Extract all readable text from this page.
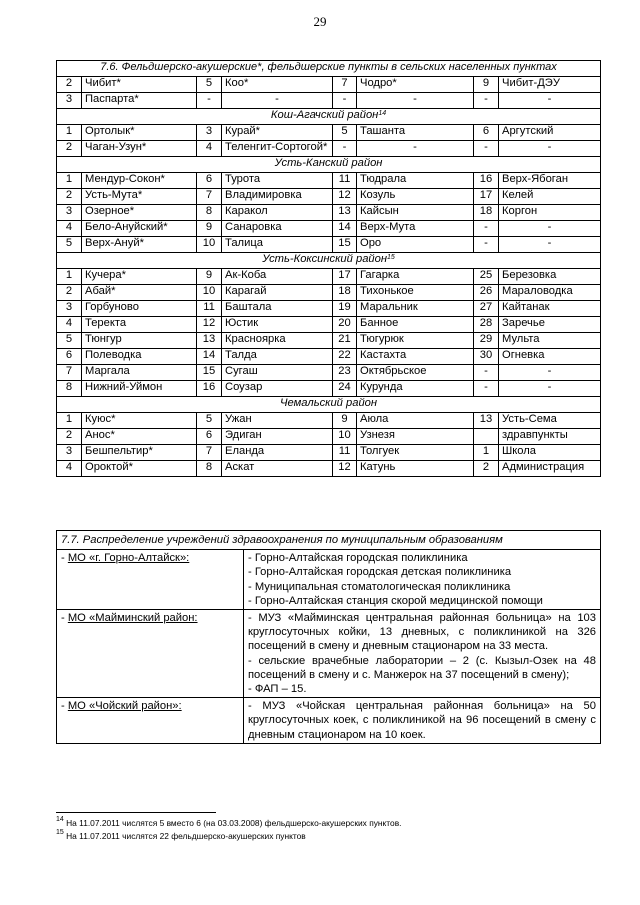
29
7.6. Фельдшерско-акушерские*, фельдшерские пункты в сельских населенных пунктах							
2	Чибит*	5	Коо*	7	Чодро*	9	Чибит-ДЭУ
3	Паспарта*	-	-	-	-	-	-
Кош-Агачский район$^{14}$
1	Ортолык*	3	Курай*	5	Ташанта	6	Аргутский
2	Чаган-Узун*	4	Теленгит-Сортогой*	-	-	-	-
Усть-Канский район							
1	Мендур-Сокон*	6	Турота	11	Тюдрала	16	Верх-Ябоган
2	Усть-Мута*	7	Владимировка	12	Козуль	17	Келей
3	Озерное*	8	Каракол	13	Кайсын	18	Коргон
4	Бело-Ануйский*	9	Санаровка	14	Верх-Мута	-	-
5	Верх-Ануй*	10	Талица	15	Оро	-	-
Усть-Коксинский район$^{15}$
1	Кучера*	9	Ак-Коба	17	Гагарка	25	Березовка
2	Абай*	10	Карагай	18	Тихонькое	26	Мараловодка
3	Горбуново	11	Баштала	19	Маральник	27	Кайтанак
4	Теректа	12	Юстик	20	Банное	28	Заречье
5	Тюнгур	13	Красноярка	21	Тюгурюк	29	Мульта
6	Полеводка	14	Талда	22	Кастахта	30	Огневка
7	Маргала	15	Сугаш	23	Октябрьское	-	-
8	Нижний-Уймон	16	Соузар	24	Курунда	-	-
Чемальский район							
1	Куюс*	5	Ужан	9	Аюла	13	Усть-Сема
2	Анос*	6	Эдиган	10	Узнезя		здравпункты
3	Бешпельтир*	7	Еланда	11	Толгуек	1	Школа
4	Ороктой*	8	Аскат	12	Катунь	2	Администрация
7.7. Распределение учреждений здравоохранения по муниципальным образованиям	
- МО «г. Горно-Алтайск»:	- Горно-Алтайская городская поликлиника
- Горно-Алтайская городская детская поликлиника
- Муниципальная стоматологическая поликлиника
- Горно-Алтайская станция скорой медицинской помощи

- МО «Майминский район:	- МУЗ «Майминская центральная районная больница» на 103 круглосуточных койки, 13 дневных, с поликлиникой на 326 посещений в смену и дневным стационаром на 33 места.
- сельские врачебные лаборатории – 2 (с. Кызыл-Озек на 48 посещений в смену и с. Манжерок на 37 посещений в смену);
- ФАП – 15.

- МО «Чойский район»:	- МУЗ «Чойская центральная районная больница» на 50 круглосуточных коек, с поликлиникой на 96 посещений в смену с дневным стационаром на 10 коек.
$^{14}$ На 11.07.2011 числятся 5 вместо 6 (на 03.03.2008) фельдшерско-акушерских пунктов.
$^{15}$ На 11.07.2011 числятся 22 фельдшерско-акушерских пунктов
